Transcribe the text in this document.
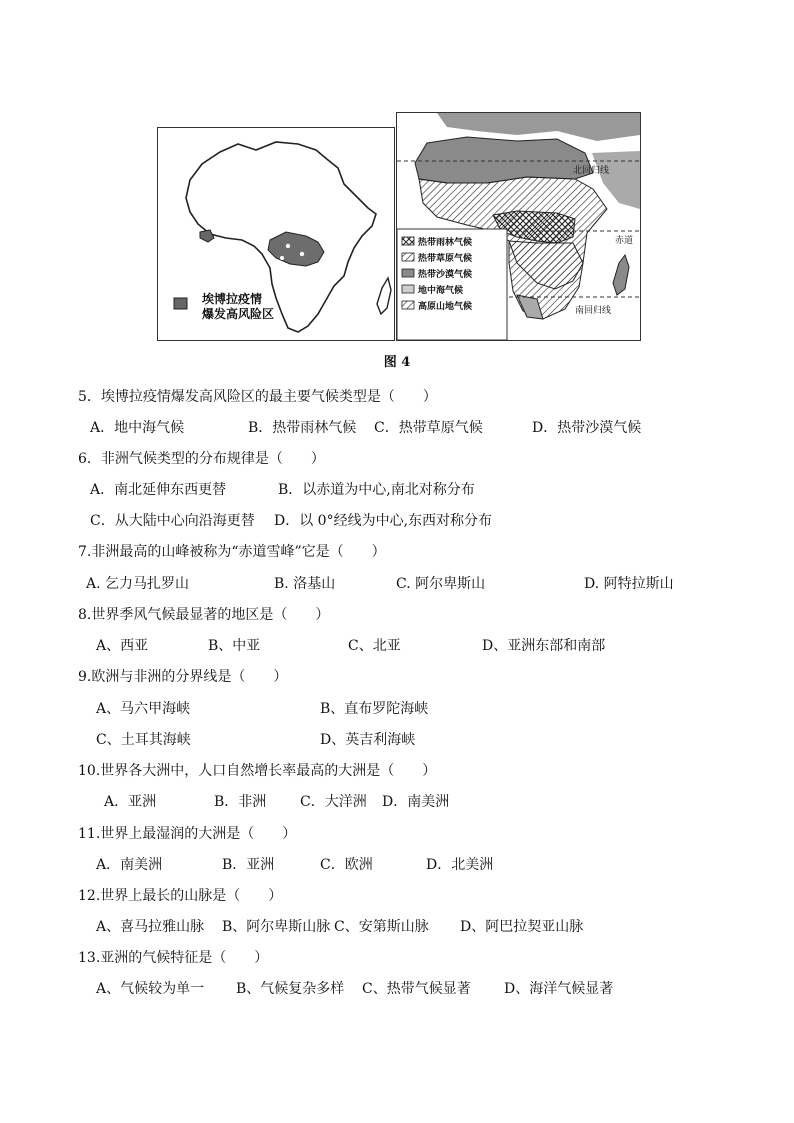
埃博拉疫情
爆发高风险区
北回归线
赤道
南回归线
热带雨林气候
热带草原气候
热带沙漠气候
地中海气候
高原山地气候
图 4
5．埃博拉疫情爆发高风险区的最主要气候类型是（　　）
A．地中海气候	B．热带雨林气候 C．热带草原气候	D．热带沙漠气候
6．非洲气候类型的分布规律是（　　）
A．南北延伸东西更替	B．以赤道为中心,南北对称分布
C．从大陆中心向沿海更替 D．以 0°经线为中心,东西对称分布
7.非洲最高的山峰被称为“赤道雪峰”它是（　　）
A. 乞力马扎罗山	B. 洛基山	C. 阿尔卑斯山	D. 阿特拉斯山
8.世界季风气候最显著的地区是（　　）
A、西亚	B、中亚	C、北亚	D、亚洲东部和南部
9.欧洲与非洲的分界线是（　　）
A、马六甲海峡	B、直布罗陀海峡
C、土耳其海峡	D、英吉利海峡
10.世界各大洲中，人口自然增长率最高的大洲是（　　）
A．亚洲	B．非洲 C．大洋洲 D．南美洲
11.世界上最湿润的大洲是（　　）
A．南美洲	B．亚洲	C．欧洲	D．北美洲
12.世界上最长的山脉是（　　）
A、喜马拉雅山脉 B、阿尔卑斯山脉 C、安第斯山脉 D、阿巴拉契亚山脉
13.亚洲的气候特征是（　　）
A、气候较为单一 B、气候复杂多样 C、热带气候显著 D、海洋气候显著
